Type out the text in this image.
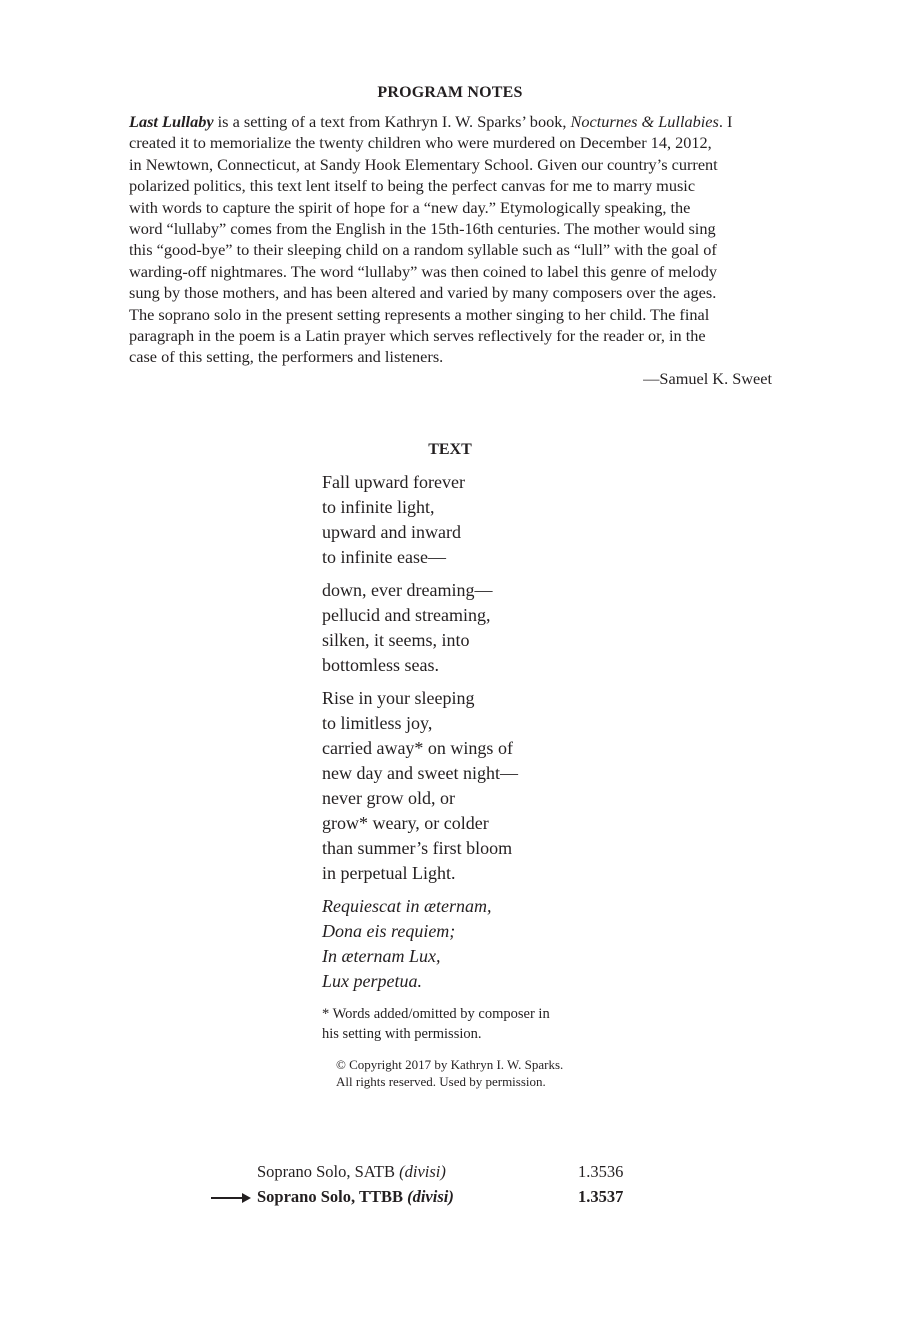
PROGRAM NOTES
Last Lullaby is a setting of a text from Kathryn I. W. Sparks’ book, Nocturnes & Lullabies. I
created it to memorialize the twenty children who were murdered on December 14, 2012,
in Newtown, Connecticut, at Sandy Hook Elementary School. Given our country’s current
polarized politics, this text lent itself to being the perfect canvas for me to marry music
with words to capture the spirit of hope for a “new day.” Etymologically speaking, the
word “lullaby” comes from the English in the 15th-16th centuries. The mother would sing
this “good-bye” to their sleeping child on a random syllable such as “lull” with the goal of
warding-off nightmares. The word “lullaby” was then coined to label this genre of melody
sung by those mothers, and has been altered and varied by many composers over the ages.
The soprano solo in the present setting represents a mother singing to her child. The final
paragraph in the poem is a Latin prayer which serves reflectively for the reader or, in the
case of this setting, the performers and listeners.
—Samuel K. Sweet
TEXT
Fall upward forever
to infinite light,
upward and inward
to infinite ease—
down, ever dreaming—
pellucid and streaming,
silken, it seems, into
bottomless seas.
Rise in your sleeping
to limitless joy,
carried away* on wings of
new day and sweet night—
never grow old, or
grow* weary, or colder
than summer’s first bloom
in perpetual Light.
Requiescat in æternam,
Dona eis requiem;
In æternam Lux,
Lux perpetua.
* Words added/omitted by composer in
his setting with permission.
© Copyright 2017 by Kathryn I. W. Sparks.
All rights reserved. Used by permission.
Soprano Solo, SATB (divisi)	1.3536
Soprano Solo, TTBB (divisi)	1.3537
